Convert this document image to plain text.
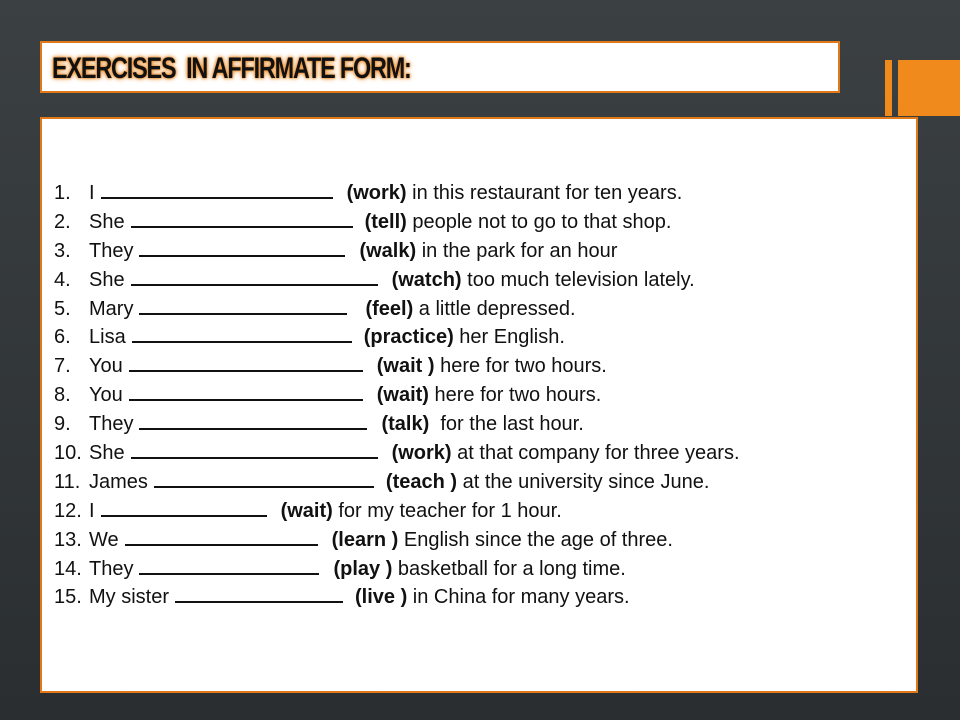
EXERCISES  IN AFFIRMATE FORM:
1. I	(work) in this restaurant for ten years.
2. She	(tell) people not to go to that shop.
3. They	(walk) in the park for an hour
4. She	(watch) too much television lately.
5. Mary	(feel) a little depressed.
6. Lisa	(practice) her English.
7. You	(wait ) here for two hours.
8. You	(wait) here for two hours.
9. They	(talk)  for the last hour.
10. She	(work) at that company for three years.
11. James	(teach ) at the university since June.
12. I	(wait) for my teacher for 1 hour.
13. We	(learn ) English since the age of three.
14. They	(play ) basketball for a long time.
15. My sister	(live ) in China for many years.
